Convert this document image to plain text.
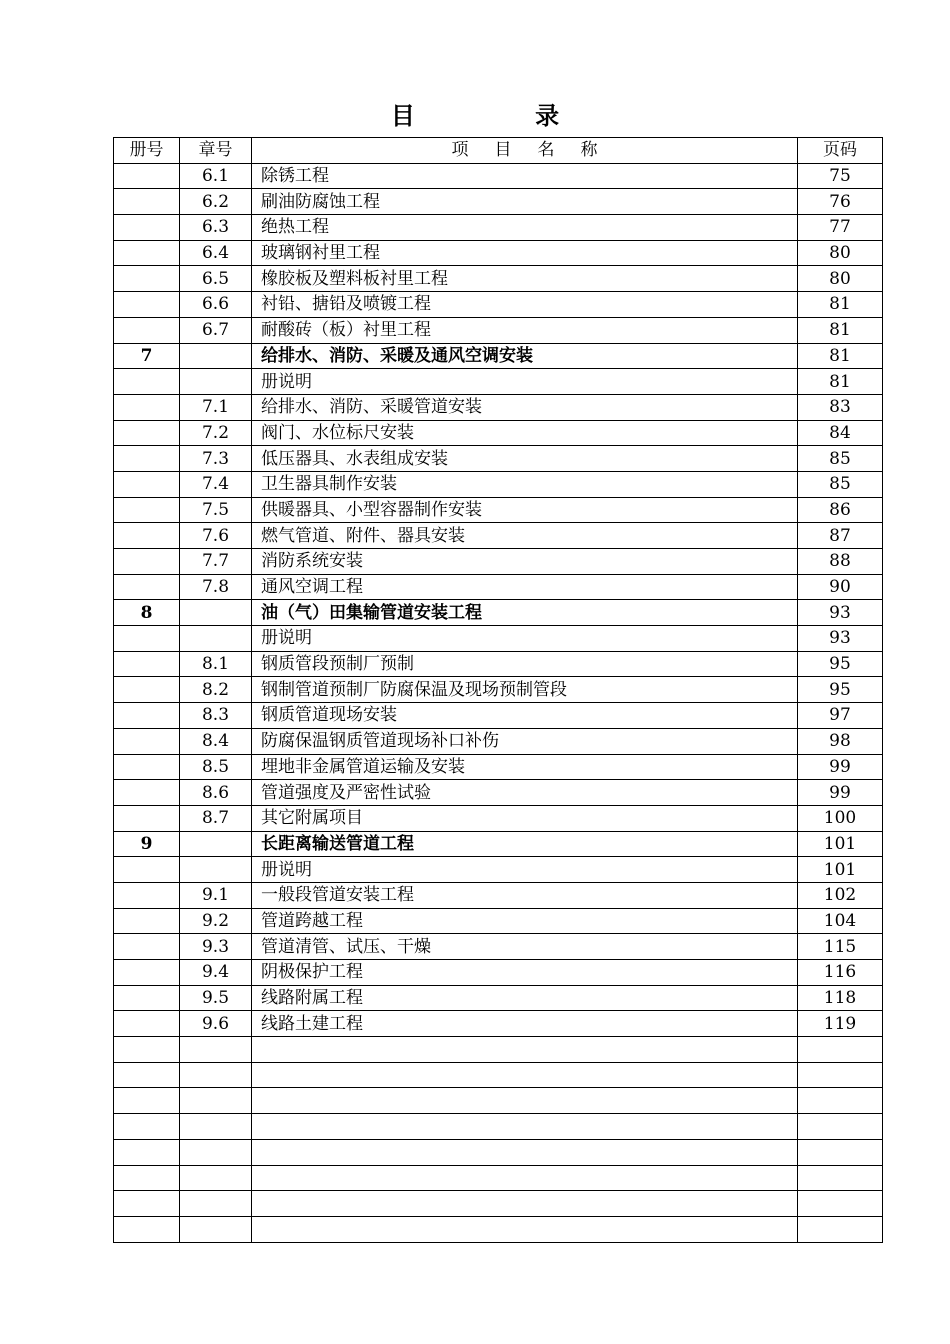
目 录
册号	章号	项目名称	页码
	6.1	除锈工程	75
	6.2	刷油防腐蚀工程	76
	6.3	绝热工程	77
	6.4	玻璃钢衬里工程	80
	6.5	橡胶板及塑料板衬里工程	80
	6.6	衬铅、搪铅及喷镀工程	81
	6.7	耐酸砖（板）衬里工程	81
7		给排水、消防、采暖及通风空调安装	81
		册说明	81
	7.1	给排水、消防、采暖管道安装	83
	7.2	阀门、水位标尺安装	84
	7.3	低压器具、水表组成安装	85
	7.4	卫生器具制作安装	85
	7.5	供暖器具、小型容器制作安装	86
	7.6	燃气管道、附件、器具安装	87
	7.7	消防系统安装	88
	7.8	通风空调工程	90
8		油（气）田集输管道安装工程	93
		册说明	93
	8.1	钢质管段预制厂预制	95
	8.2	钢制管道预制厂防腐保温及现场预制管段	95
	8.3	钢质管道现场安装	97
	8.4	防腐保温钢质管道现场补口补伤	98
	8.5	埋地非金属管道运输及安装	99
	8.6	管道强度及严密性试验	99
	8.7	其它附属项目	100
9		长距离输送管道工程	101
		册说明	101
	9.1	一般段管道安装工程	102
	9.2	管道跨越工程	104
	9.3	管道清管、试压、干燥	115
	9.4	阴极保护工程	116
	9.5	线路附属工程	118
	9.6	线路土建工程	119
